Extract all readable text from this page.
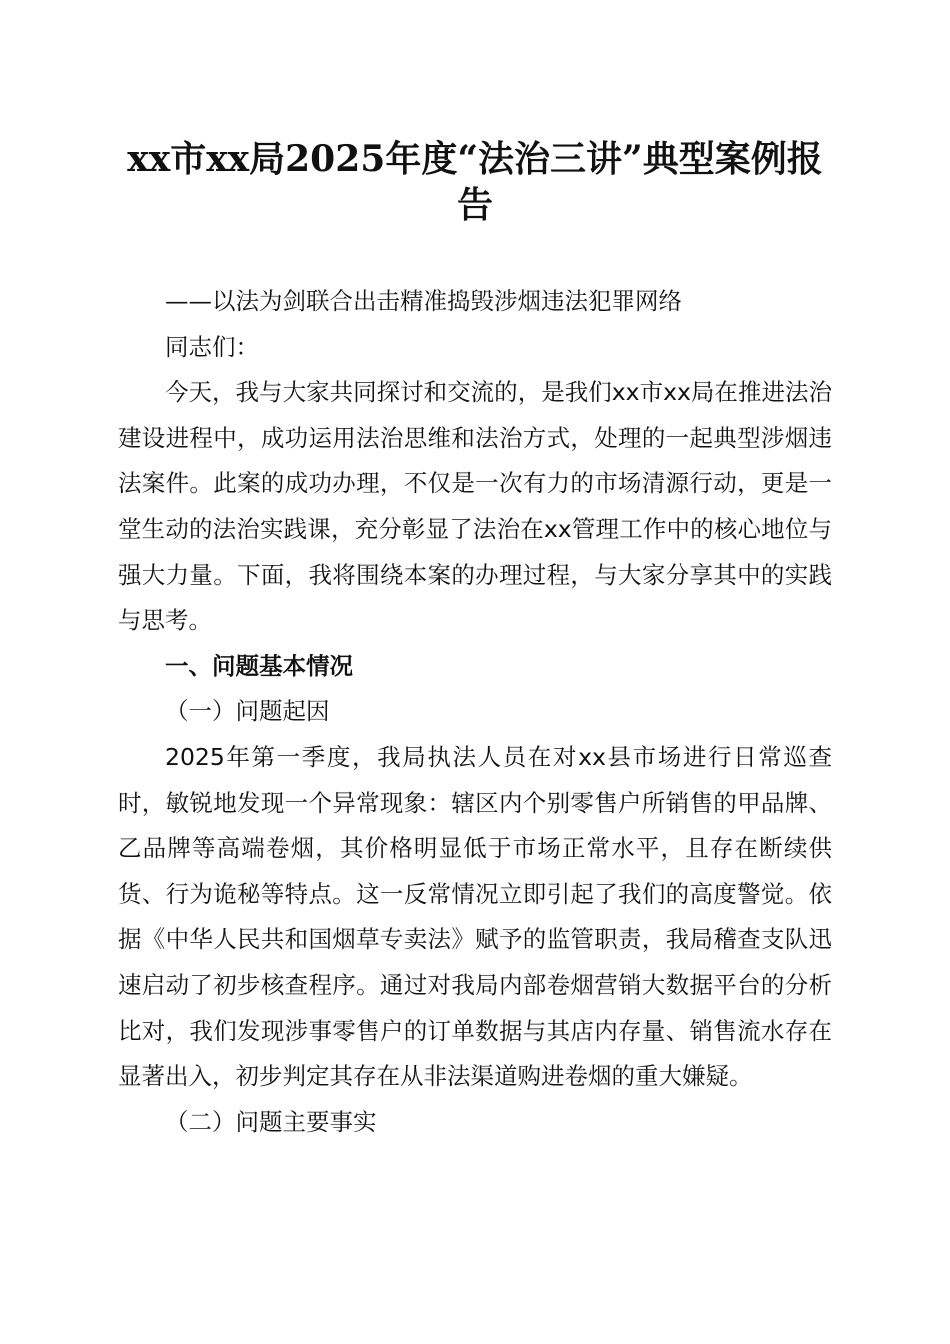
xx市xx局2025年度“法治三讲”典型案例报告

——以法为剑联合出击精准捣毁涉烟违法犯罪网络

同志们：

今天，我与大家共同探讨和交流的，是我们xx市xx局在推进法治建设进程中，成功运用法治思维和法治方式，处理的一起典型涉烟违法案件。此案的成功办理，不仅是一次有力的市场清源行动，更是一堂生动的法治实践课，充分彰显了法治在xx管理工作中的核心地位与强大力量。下面，我将围绕本案的办理过程，与大家分享其中的实践与思考。

一、问题基本情况

（一）问题起因

2025年第一季度，我局执法人员在对xx县市场进行日常巡查时，敏锐地发现一个异常现象：辖区内个别零售户所销售的甲品牌、乙品牌等高端卷烟，其价格明显低于市场正常水平，且存在断续供货、行为诡秘等特点。这一反常情况立即引起了我们的高度警觉。依据《中华人民共和国烟草专卖法》赋予的监管职责，我局稽查支队迅速启动了初步核查程序。通过对我局内部卷烟营销大数据平台的分析比对，我们发现涉事零售户的订单数据与其店内存量、销售流水存在显著出入，初步判定其存在从非法渠道购进卷烟的重大嫌疑。

（二）问题主要事实
